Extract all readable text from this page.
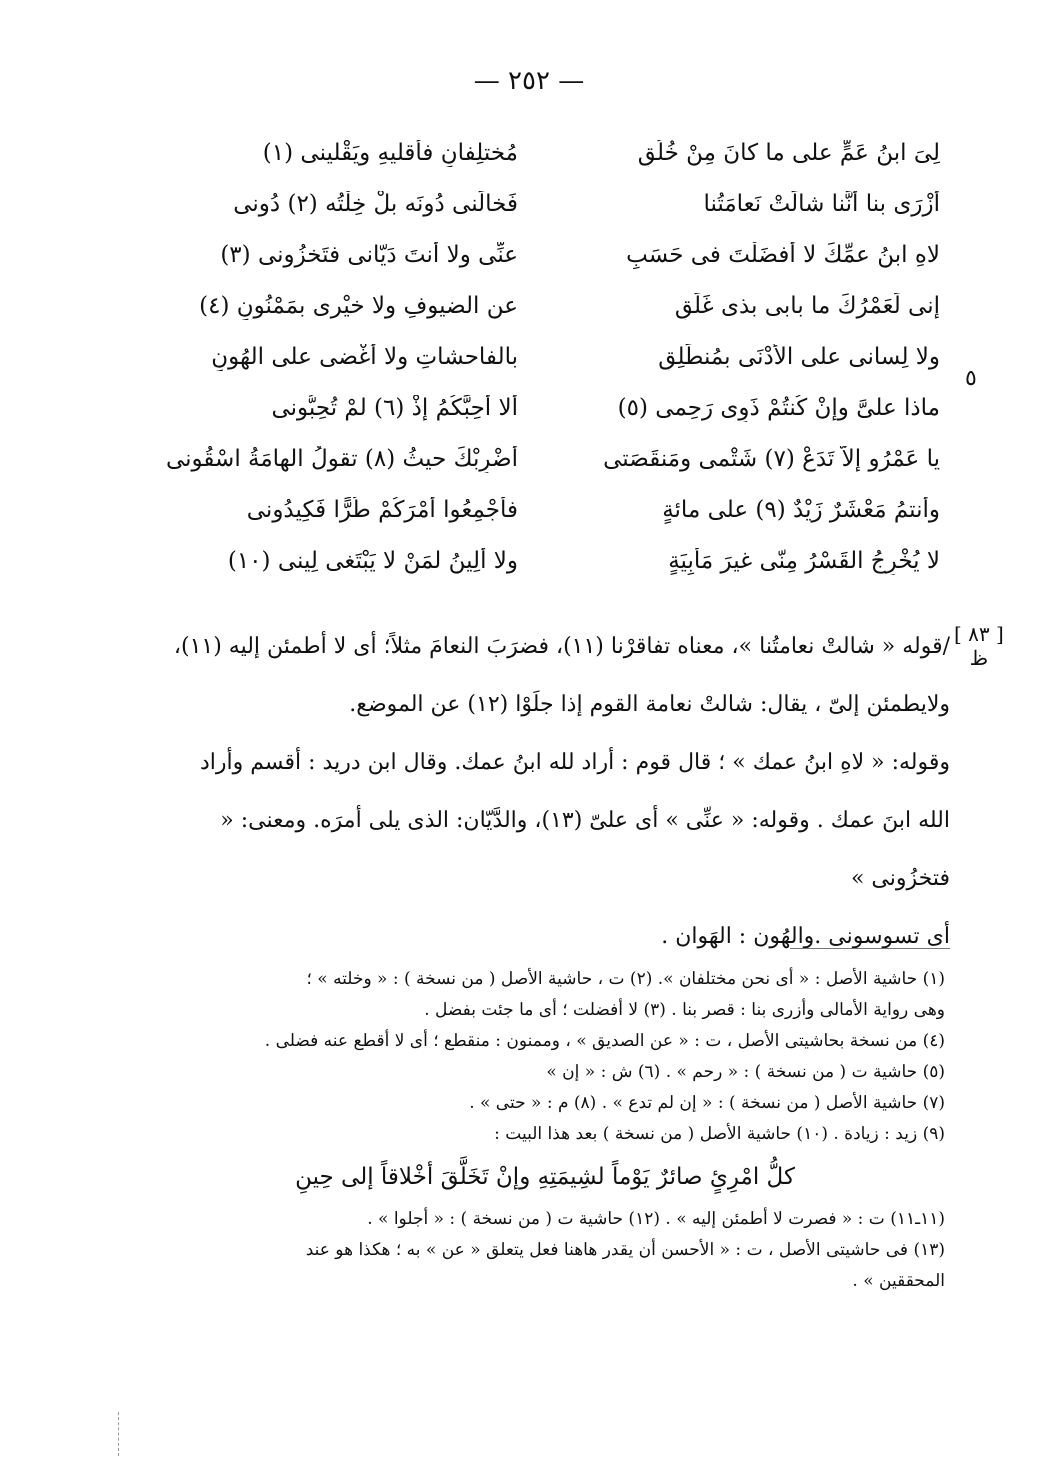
— ٢٥٢ —
لِىَ ابنُ عَمٍّ على ما كانَ مِنْ خُلُقٍ
مُختلِفانِ فأقليهِ ويَقْلينى (١)
أزْرَى بنا أنَّنا شالَتْ نَعامَتُنا
فَخالَنى دُونَه بلْ خِلْتُه (٢) دُونى
لاهِ ابنُ عمِّكَ لا أفضَلْتَ فى حَسَبٍ
عنِّى ولا أنتَ دَيّانى فتَخزُونى (٣)
إنى لَعَمْرُكَ ما بابى بذى غَلَقٍ
عن الضيوفِ ولا خيْرى بمَمْنُونِ (٤)
ولا لِسانى على الأدْنَى بمُنطَلِقٍ
بالفاحشاتِ ولا أُغْضى على الهُونِ
ماذا علىَّ وإنْ كُنتُمْ ذَوِى رَحِمى (٥)
ألا أُحِبَّكُمُ إذْ (٦) لمْ تُحِبُّونى
يا عَمْرُو إلاّ تَدَعْ (٧) شَتْمى ومَنقَصَتى
أضْرِبْكَ حيثُ (٨) تقولُ الهامَةُ اسْقُونى
وأنتمُ مَعْشَرٌ زَيْدٌ (٩) على مائةٍ
فأجْمِعُوا أمْرَكُمْ طُرًّا فَكِيدُونى
لا يُخْرِجُ القَسْرُ مِنّى غيرَ مَأْبِيَةٍ
ولا أَلِينُ لمَنْ لا يَبْتَغى لِينى (١٠)
٥
[ ٨٣ ]
ظ

/قوله « شالتْ نعامتُنا »، معناه تفاقرْنا (١١)، فضرَبَ النعامَ مثلاً؛ أى لا أطمئن إليه (١١)،

ولايطمئن إلىّ ، يقال: شالتْ نعامة القوم إذا جلَوْا (١٢) عن الموضع.

وقوله: « لاهِ ابنُ عمك » ؛ قال قوم : أراد لله ابنُ عمك. وقال ابن دريد : أقسم وأراد

الله ابنَ عمك . وقوله: « عنِّى » أى علىّ (١٣)، والدَّيّان: الذى يلى أمرَه. ومعنى: « فتخزُونى »

أى تسوسونى .والهُون : الهَوان .

(١) حاشية الأصل : « أى نحن مختلفان ». (٢) ت ، حاشية الأصل ( من نسخة ) : « وخلته » ؛

وهى رواية الأمالى وأزرى بنا : قصر بنا . (٣) لا أفضلت ؛ أى ما جئت بفضل .

(٤) من نسخة بحاشيتى الأصل ، ت : « عن الصديق » ، وممنون : منقطع ؛ أى لا أقطع عنه فضلى .

(٥) حاشية ت ( من نسخة ) : « رحم » . (٦) ش : « إن »

(٧) حاشية الأصل ( من نسخة ) : « إن لم تدع » . (٨) م : « حتى » .

(٩) زيد : زيادة . (١٠) حاشية الأصل ( من نسخة ) بعد هذا البيت :

كلُّ امْرِئٍ صائرٌ يَوْماً لشِيمَتِهِ وإنْ تَخَلَّقَ أخْلاقاً إلى حِينِ

(١١ـ١١) ت : « فصرت لا أطمئن إليه » . (١٢) حاشية ت ( من نسخة ) : « أجلوا » .

(١٣) فى حاشيتى الأصل ، ت : « الأحسن أن يقدر هاهنا فعل يتعلق « عن » به ؛ هكذا هو عند

المحققين » .
